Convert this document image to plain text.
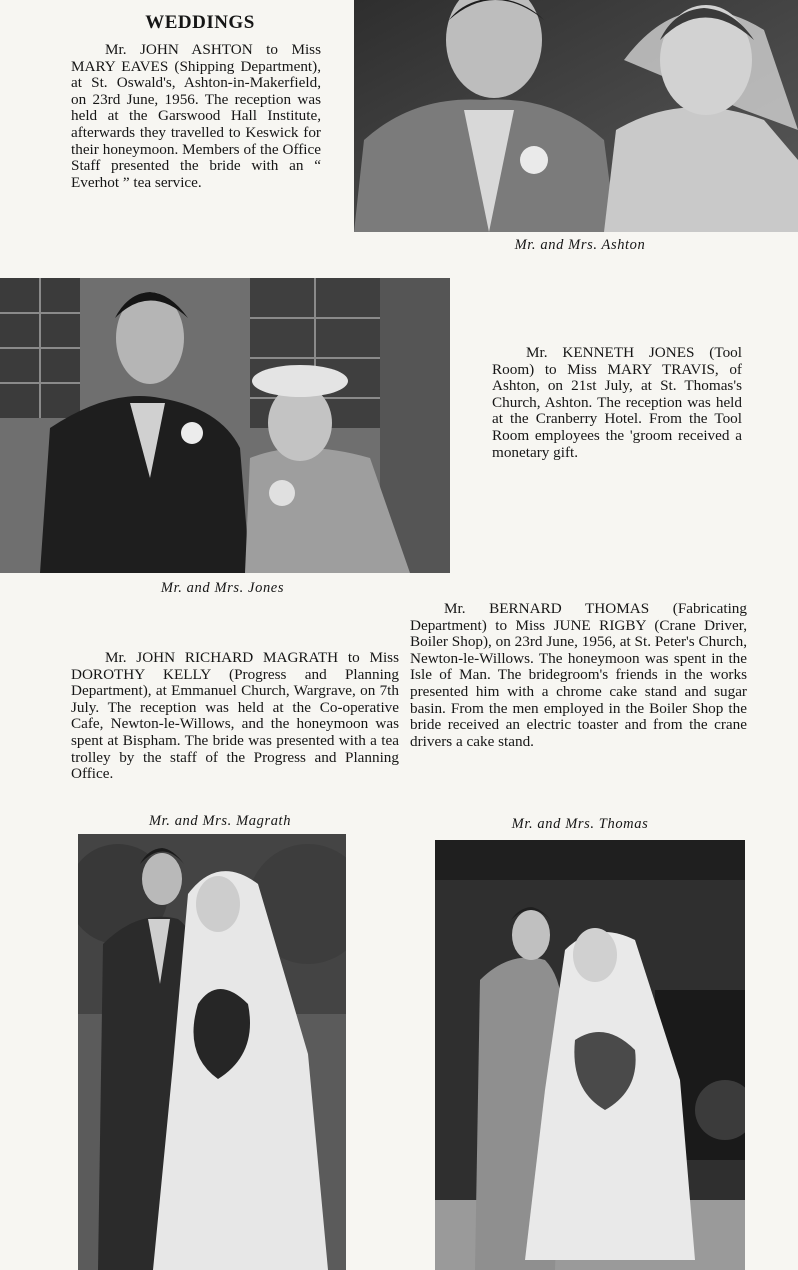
WEDDINGS
Mr. JOHN ASHTON to Miss MARY EAVES (Shipping Department), at St. Oswald's, Ashton-in-Makerfield, on 23rd June, 1956. The reception was held at the Garswood Hall Institute, afterwards they travelled to Keswick for their honeymoon. Members of the Office Staff presented the bride with an “ Everhot ” tea service.
Mr. and Mrs. Ashton
Mr. and Mrs. Jones
Mr. KENNETH JONES (Tool Room) to Miss MARY TRAVIS, of Ashton, on 21st July, at St. Thomas's Church, Ashton. The reception was held at the Cranberry Hotel. From the Tool Room employees the 'groom received a monetary gift.
Mr. BERNARD THOMAS (Fabricating Department) to Miss JUNE RIGBY (Crane Driver, Boiler Shop), on 23rd June, 1956, at St. Peter's Church, Newton-le-Willows. The honeymoon was spent in the Isle of Man. The bridegroom's friends in the works presented him with a chrome cake stand and sugar basin. From the men employed in the Boiler Shop the bride received an electric toaster and from the crane drivers a cake stand.
Mr. JOHN RICHARD MAGRATH to Miss DOROTHY KELLY (Progress and Planning Department), at Emmanuel Church, Wargrave, on 7th July. The reception was held at the Co-operative Cafe, Newton-le-Willows, and the honeymoon was spent at Bispham. The bride was presented with a tea trolley by the staff of the Progress and Planning Office.
Mr. and Mrs. Magrath	Mr. and Mrs. Thomas
